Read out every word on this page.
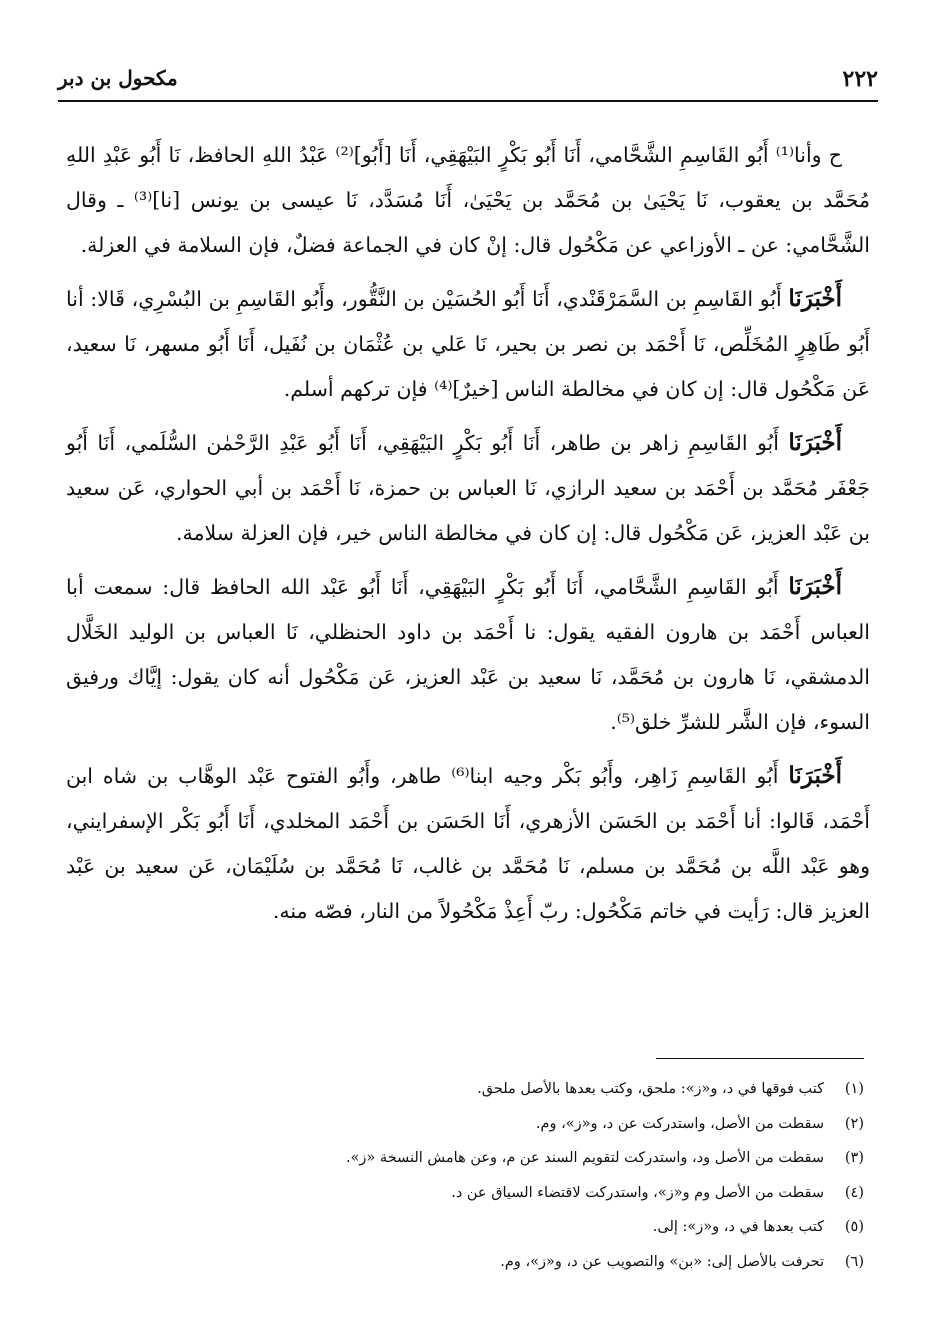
٢٢٢
مكحول بن دبر

ح وأنا⁽¹⁾ أَبُو القَاسِمِ الشَّحَّامي، أَنَا أَبُو بَكْرٍ البَيْهَقِي، أَنَا [أَبُو]⁽²⁾ عَبْدُ اللهِ الحافظ، نَا أَبُو عَبْدِ اللهِ مُحَمَّد بن يعقوب، نَا يَحْيَىٰ بن مُحَمَّد بن يَحْيَىٰ، أَنَا مُسَدَّد، نَا عيسى بن يونس [نا]⁽³⁾ ـ وقال الشَّحَّامي: عن ـ الأوزاعي عن مَكْحُول قال: إنْ كان في الجماعة فضلٌ، فإن السلامة في العزلة.

أَخْبَرَنَا أَبُو القَاسِمِ بن السَّمَرْقَنْدي، أَنَا أَبُو الحُسَيْن بن النَّقُّور، وأَبُو القَاسِمِ بن البُسْرِي، قَالا: أنا أَبُو طَاهِرٍ المُخَلِّص، نَا أَحْمَد بن نصر بن بحير، نَا عَلي بن عُثْمَان بن نُفَيل، أَنَا أَبُو مسهر، نَا سعيد، عَن مَكْحُول قال: إن كان في مخالطة الناس [خيرٌ]⁽⁴⁾ فإن تركهم أسلم.

أَخْبَرَنَا أَبُو القَاسِمِ زاهر بن طاهر، أَنَا أَبُو بَكْرٍ البَيْهَقِي، أَنَا أَبُو عَبْدِ الرَّحْمٰن السُّلَمي، أَنَا أَبُو جَعْفَر مُحَمَّد بن أَحْمَد بن سعيد الرازي، نَا العباس بن حمزة، نَا أَحْمَد بن أبي الحواري، عَن سعيد بن عَبْد العزيز، عَن مَكْحُول قال: إن كان في مخالطة الناس خير، فإن العزلة سلامة.

أَخْبَرَنَا أَبُو القَاسِمِ الشَّحَّامي، أَنَا أَبُو بَكْرٍ البَيْهَقِي، أَنَا أَبُو عَبْد الله الحافظ قال: سمعت أبا العباس أَحْمَد بن هارون الفقيه يقول: نا أَحْمَد بن داود الحنظلي، نَا العباس بن الوليد الخَلَّال الدمشقي، نَا هارون بن مُحَمَّد، نَا سعيد بن عَبْد العزيز، عَن مَكْحُول أنه كان يقول: إيَّاك ورفيق السوء، فإن الشَّر للشرِّ خلق⁽⁵⁾.

أَخْبَرَنَا أَبُو القَاسِمِ زَاهِر، وأَبُو بَكْر وجيه ابنا⁽⁶⁾ طاهر، وأَبُو الفتوح عَبْد الوهَّاب بن شاه ابن أَحْمَد، قَالوا: أنا أَحْمَد بن الحَسَن الأزهري، أَنَا الحَسَن بن أَحْمَد المخلدي، أَنَا أَبُو بَكْر الإسفرايني، وهو عَبْد اللَّه بن مُحَمَّد بن مسلم، نَا مُحَمَّد بن غالب، نَا مُحَمَّد بن سُلَيْمَان، عَن سعيد بن عَبْد العزيز قال: رَأيت في خاتم مَكْحُول: ربّ أَعِذْ مَكْحُولاً من النار، فصّه منه.

(١)
كتب فوقها في د، و«ز»: ملحق، وكتب بعدها بالأصل ملحق.
(٢)
سقطت من الأصل، واستدركت عن د، و«ز»، وم.
(٣)
سقطت من الأصل ود، واستدركت لتقويم السند عن م، وعن هامش النسخة «ز».
(٤)
سقطت من الأصل وم و«ز»، واستدركت لاقتضاء السياق عن د.
(٥)
كتب بعدها في د، و«ز»: إلى.
(٦)
تحرفت بالأصل إلى: «بن» والتصويب عن د، و«ز»، وم.
